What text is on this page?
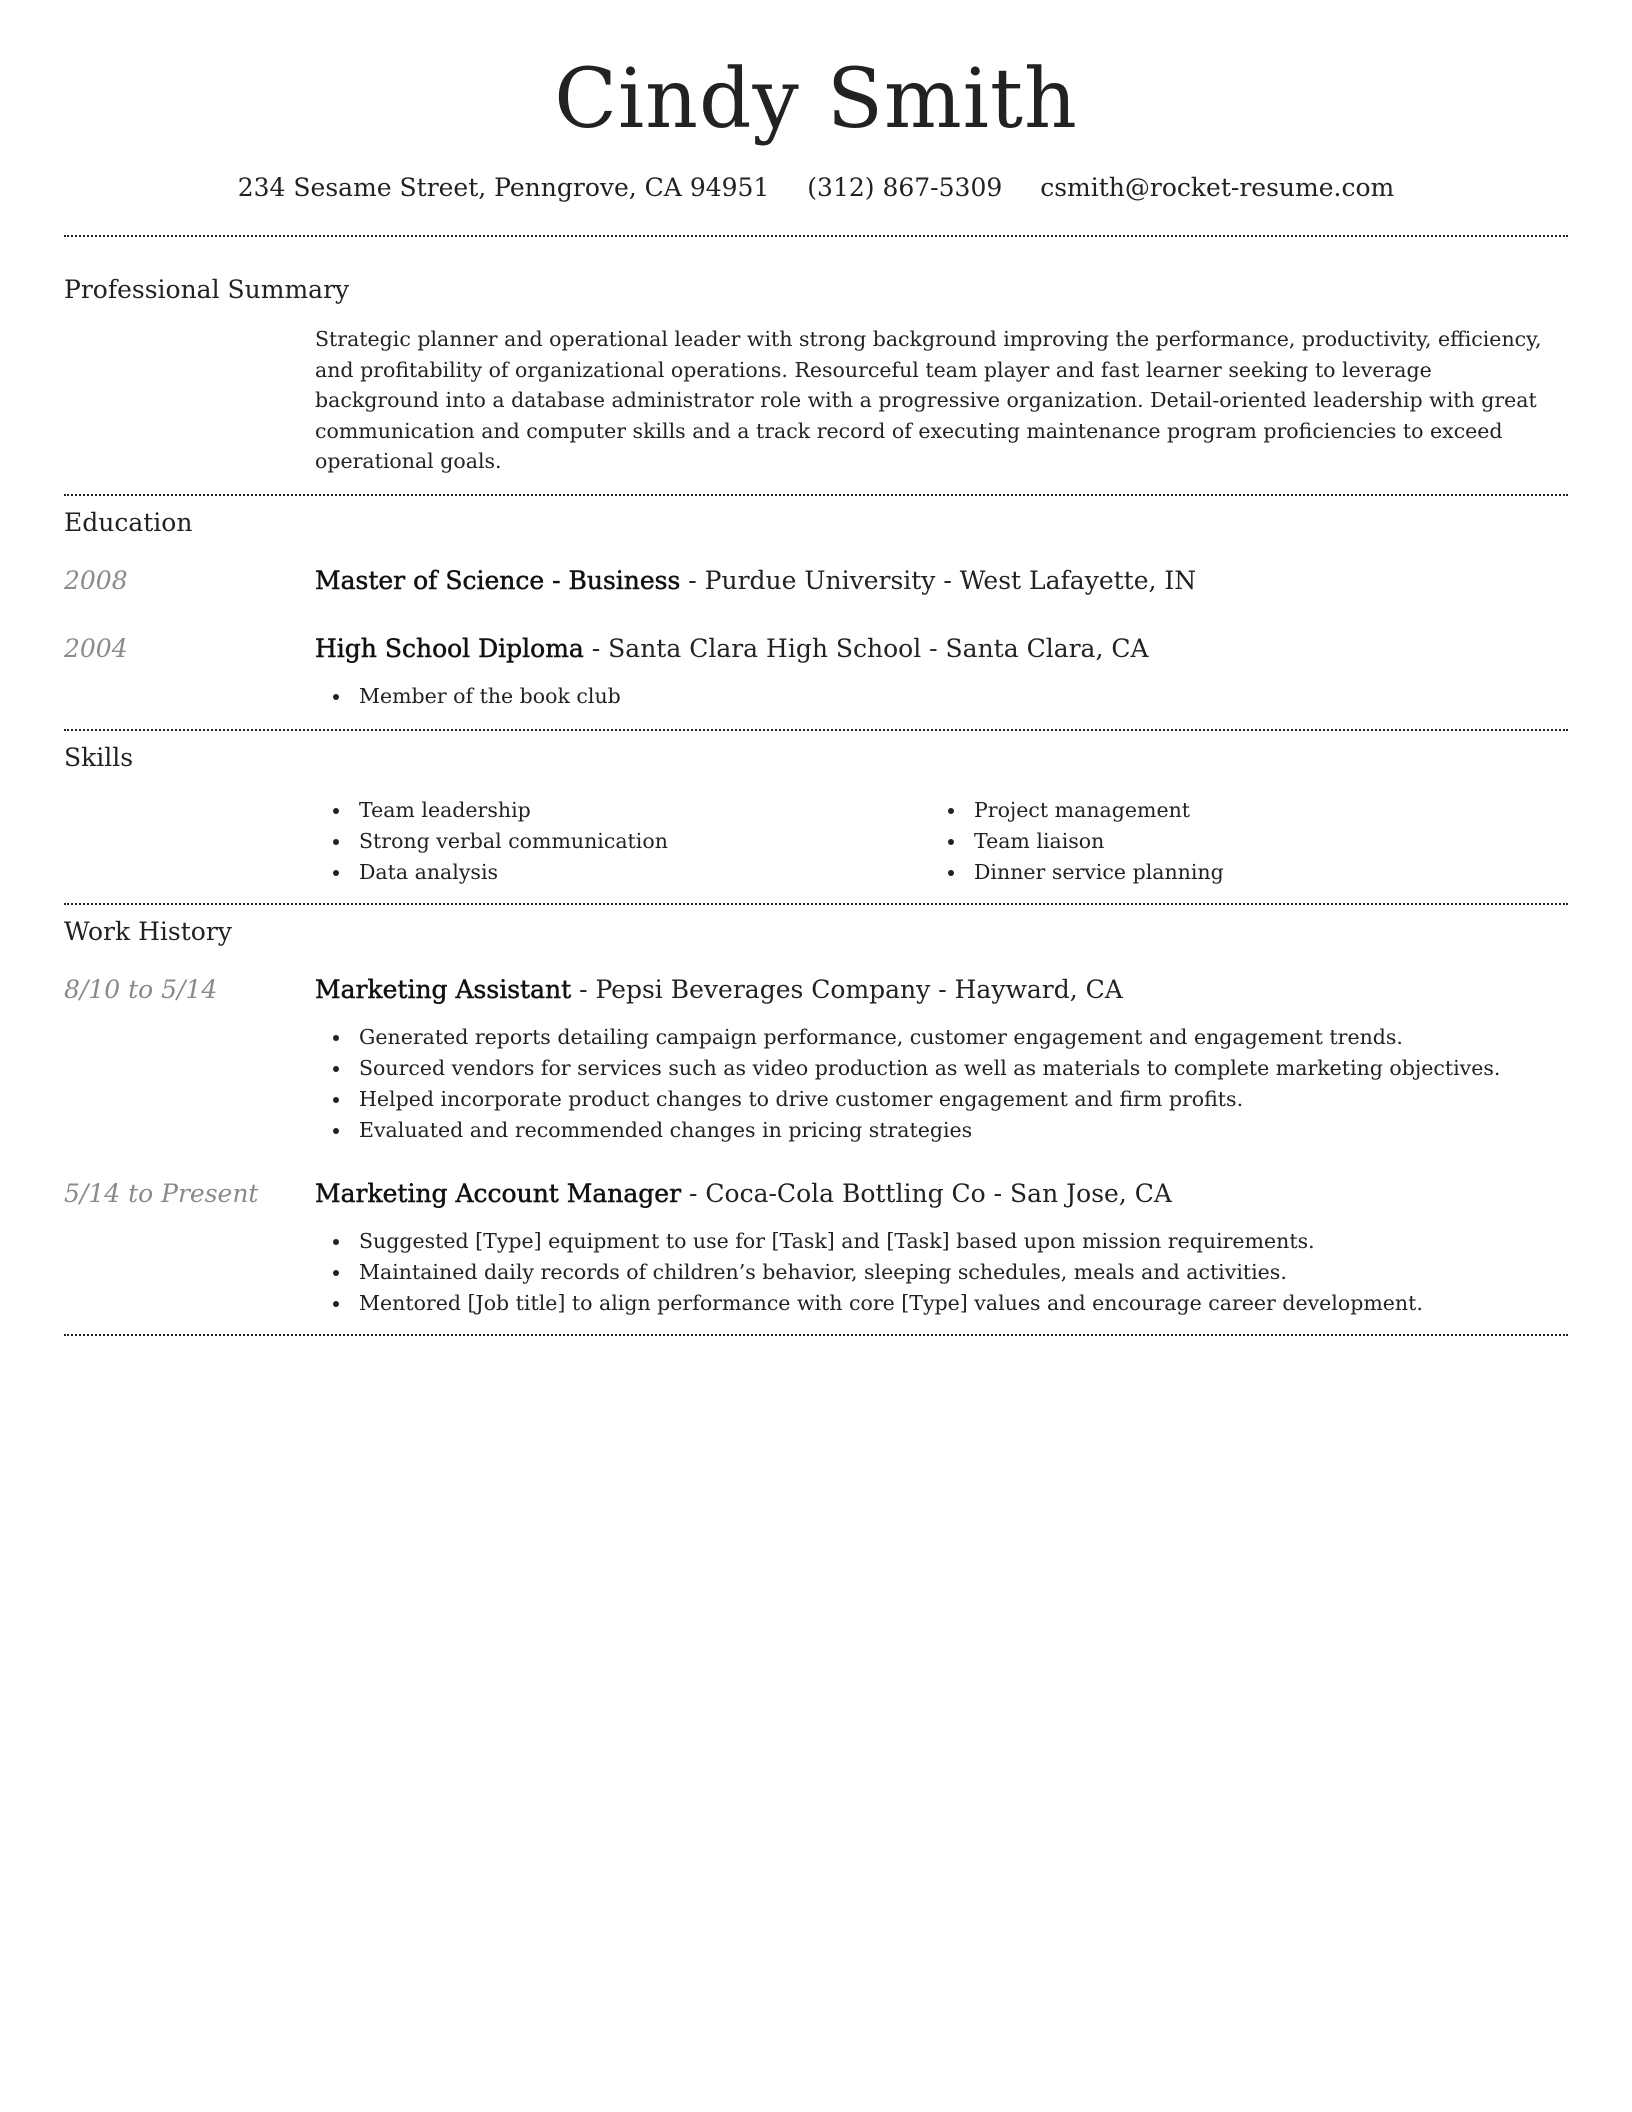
Cindy Smith
234 Sesame Street, Penngrove, CA 94951 (312) 867-5309 csmith@rocket-resume.com
Professional Summary

Strategic planner and operational leader with strong background improving the performance, productivity, efficiency, and profitability of organizational operations. Resourceful team player and fast learner seeking to leverage background into a database administrator role with a progressive organization. Detail-oriented leadership with great communication and computer skills and a track record of executing maintenance program proficiencies to exceed operational goals.

Education
2008	Master of Science - Business - Purdue University - West Lafayette, IN
2004	High School Diploma - Santa Clara High School - Santa Clara, CA
Member of the book club
Skills
Team leadership
Strong verbal communication
Data analysis
Project management
Team liaison
Dinner service planning
Work History
8/10 to 5/14	Marketing Assistant - Pepsi Beverages Company - Hayward, CA
Generated reports detailing campaign performance, customer engagement and engagement trends.
Sourced vendors for services such as video production as well as materials to complete marketing objectives.
Helped incorporate product changes to drive customer engagement and firm profits.
Evaluated and recommended changes in pricing strategies
5/14 to Present	Marketing Account Manager - Coca-Cola Bottling Co - San Jose, CA
Suggested [Type] equipment to use for [Task] and [Task] based upon mission requirements.
Maintained daily records of children’s behavior, sleeping schedules, meals and activities.
Mentored [Job title] to align performance with core [Type] values and encourage career development.
